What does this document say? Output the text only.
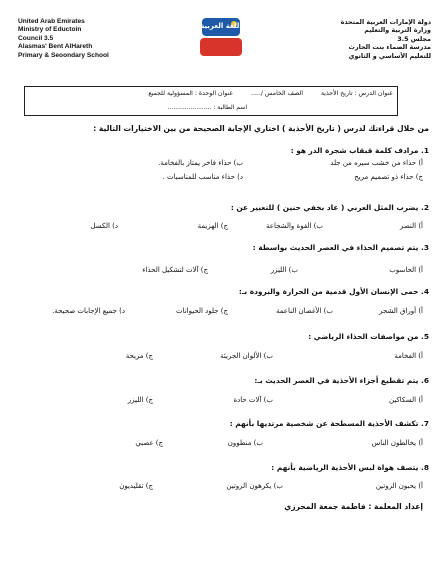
United Arab Emirates
Ministry of Eductoin
Council 3.5
Alasmas' Bent AlHareth
Primary & Seoondary School
اللغة العربية	دولة الإمارات العربية المتحدة
وزارة التربية والتعليم
مجلس 3.5
مدرسة الصماء بنت الحارث
للتعليم الأساسي و الثانوي
عنوان الدرس : تاريخ الأحذية
الصف الخامس /.....
عنوان الوحدة : المسؤولية للجميع
اسم الطالبة : .......................
من خلال قراءتك لدرس ( تاريخ الأحذية ) اختاري الإجابة الصحيحة من بين الاختيارات التالية :
1. مرادف كلمة قبقاب شجرة الدر هو :
أ) حذاء من خشب سيره من جلد
ب) حذاء فاخر يمتاز بالفخامة.
ج) حذاء ذو تصميم مريح
د) حذاء مناسب للمناسبات .
2. يضرب المثل العربي ( عاد بخفي حنين ) للتعبير عن :
أ) النصر
ب) القوة والشجاعة
ج) الهزيمة
د) الكسل
3. يتم تصميم الحذاء في العصر الحديث بواسطة :
أ) الحاسوب
ب) الليزر
ج) آلات لتشكيل الحذاء
4. حمى الإنسان الأول قدمية من الحرارة والبرودة بـ:
أ) أوراق الشجر
ب) الأغصان الناعمة
ج) جلود الحيوانات
د) جميع الإجابات صحيحة.
5. من مواصفات الحذاء الرياضي :
أ) الفخامة
ب) الألوان الجريئة
ج) مريحة
6. يتم تقطيع أجزاء الأحذية في العصر الحديث بـ:
أ) السكاكين
ب) آلات حادة
ج) الليزر
7. تكشف الأحذية المسطحة عن شخصية مرتديها بأنهم :
أ) يخالطون الناس
ب) منطوون
ج) عصبي
8. يتصف هواة لبس الأحذية الرياضية بأنهم :
أ) يحبون الروتين
ب) يكرهون الروتين
ج) تقليديون
إعداد المعلمة : فاطمة جمعة المحرزي
